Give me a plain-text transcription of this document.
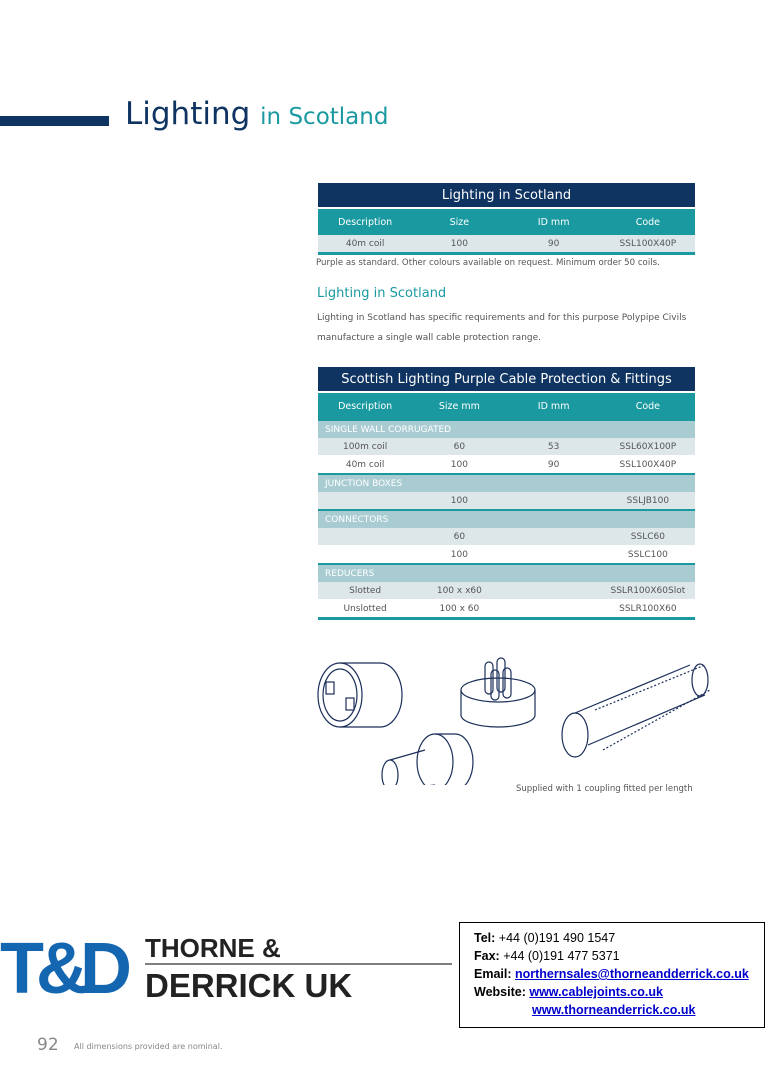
Lighting in Scotland
Lighting in Scotland			
Description	Size	ID mm	Code
40m coil	100	90	SSL100X40P
Purple as standard. Other colours available on request. Minimum order 50 coils.
Lighting in Scotland
Lighting in Scotland has specific requirements and for this purpose Polypipe Civils manufacture a single wall cable protection range.
Scottish Lighting Purple Cable Protection & Fittings			
Description	Size mm	ID mm	Code
SINGLE WALL CORRUGATED			
100m coil	60	53	SSL60X100P
40m coil	100	90	SSL100X40P
JUNCTION BOXES			
	100		SSLJB100
CONNECTORS			
	60		SSLC60
	100		SSLC100
REDUCERS			
Slotted	100 x x60		SSLR100X60Slot
Unslotted	100 x 60		SSLR100X60
Supplied with 1 coupling fitted per length
T&D THORNE &
DERRICK UK
Tel: +44 (0)191 490 1547
Fax: +44 (0)191 477 5371
Email: northernsales@thorneandderrick.co.uk
Website: www.cablejoints.co.uk
www.thorneanderrick.co.uk
92 All dimensions provided are nominal.
